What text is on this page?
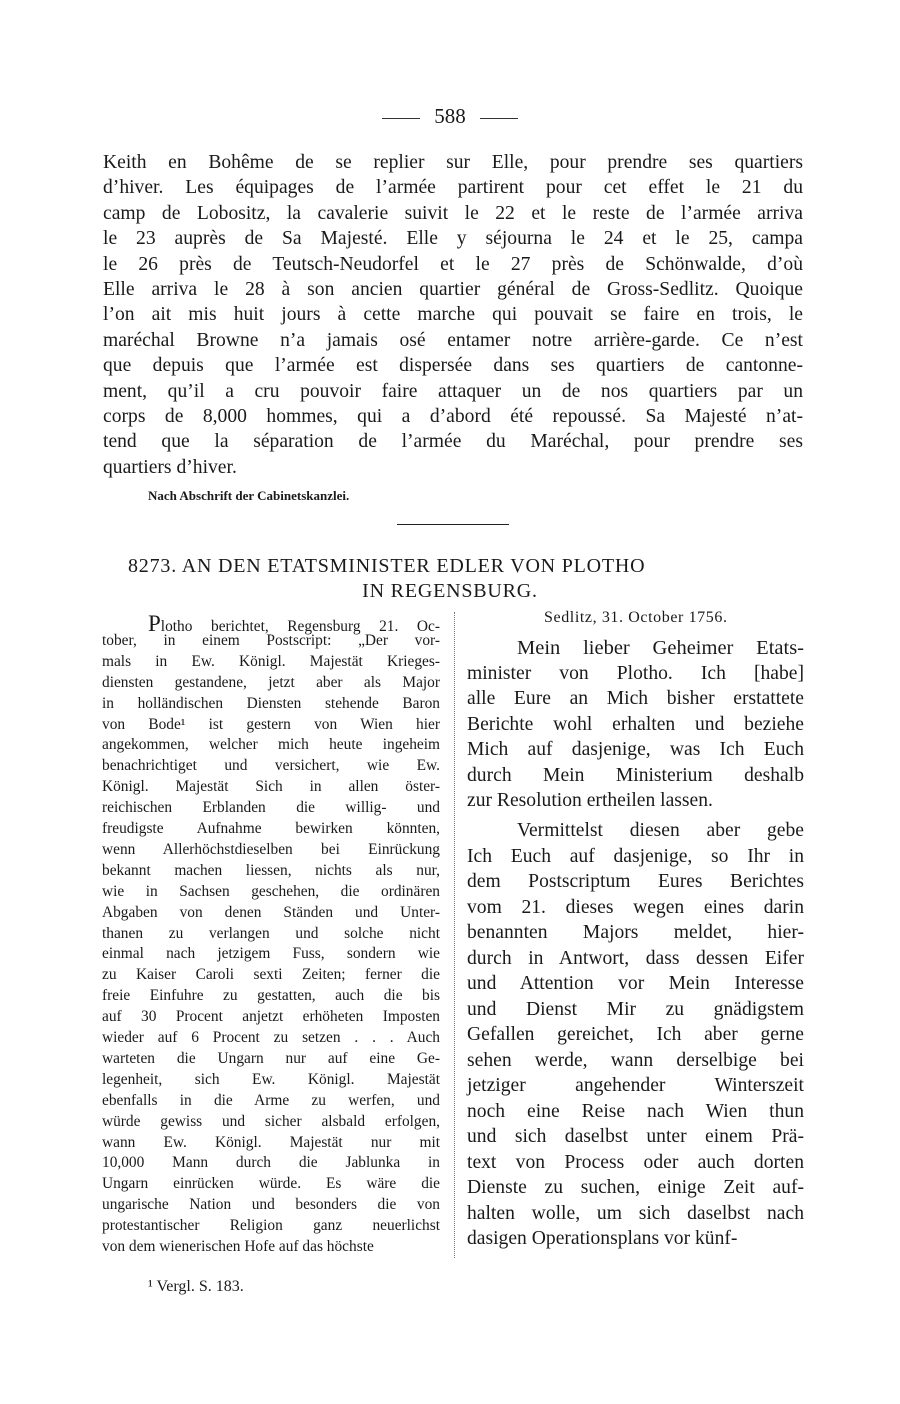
588
Keith en Bohême de se replier sur Elle, pour prendre ses quartiers
d’hiver. Les équipages de l’armée partirent pour cet effet le 21 du
camp de Lobositz, la cavalerie suivit le 22 et le reste de l’armée arriva
le 23 auprès de Sa Majesté. Elle y séjourna le 24 et le 25, campa
le 26 près de Teutsch-Neudorfel et le 27 près de Schönwalde, d’où
Elle arriva le 28 à son ancien quartier général de Gross-Sedlitz. Quoique
l’on ait mis huit jours à cette marche qui pouvait se faire en trois, le
maréchal Browne n’a jamais osé entamer notre arrière-garde. Ce n’est
que depuis que l’armée est dispersée dans ses quartiers de cantonne-
ment, qu’il a cru pouvoir faire attaquer un de nos quartiers par un
corps de 8,000 hommes, qui a d’abord été repoussé. Sa Majesté n’at-
tend que la séparation de l’armée du Maréchal, pour prendre ses
quartiers d’hiver.
Nach Abschrift der Cabinetskanzlei.
8273. AN DEN ETATSMINISTER EDLER VON PLOTHO
IN REGENSBURG.
Plotho berichtet, Regensburg 21. Oc-
tober, in einem Postscript: „Der vor-
mals in Ew. Königl. Majestät Krieges-
diensten gestandene, jetzt aber als Major
in holländischen Diensten stehende Baron
von Bode¹ ist gestern von Wien hier
angekommen, welcher mich heute ingeheim
benachrichtiget und versichert, wie Ew.
Königl. Majestät Sich in allen öster-
reichischen Erblanden die willig- und
freudigste Aufnahme bewirken könnten,
wenn Allerhöchstdieselben bei Einrückung
bekannt machen liessen, nichts als nur,
wie in Sachsen geschehen, die ordinären
Abgaben von denen Ständen und Unter-
thanen zu verlangen und solche nicht
einmal nach jetzigem Fuss, sondern wie
zu Kaiser Caroli sexti Zeiten; ferner die
freie Einfuhre zu gestatten, auch die bis
auf 30 Procent anjetzt erhöheten Imposten
wieder auf 6 Procent zu setzen . . . Auch
warteten die Ungarn nur auf eine Ge-
legenheit, sich Ew. Königl. Majestät
ebenfalls in die Arme zu werfen, und
würde gewiss und sicher alsbald erfolgen,
wann Ew. Königl. Majestät nur mit
10,000 Mann durch die Jablunka in
Ungarn einrücken würde. Es wäre die
ungarische Nation und besonders die von
protestantischer Religion ganz neuerlichst
von dem wienerischen Hofe auf das höchste
Sedlitz, 31. October 1756.
Mein lieber Geheimer Etats-
minister von Plotho. Ich [habe]
alle Eure an Mich bisher erstattete
Berichte wohl erhalten und beziehe
Mich auf dasjenige, was Ich Euch
durch Mein Ministerium deshalb
zur Resolution ertheilen lassen.
Vermittelst diesen aber gebe
Ich Euch auf dasjenige, so Ihr in
dem Postscriptum Eures Berichtes
vom 21. dieses wegen eines darin
benannten Majors meldet, hier-
durch in Antwort, dass dessen Eifer
und Attention vor Mein Interesse
und Dienst Mir zu gnädigstem
Gefallen gereichet, Ich aber gerne
sehen werde, wann derselbige bei
jetziger angehender Winterszeit
noch eine Reise nach Wien thun
und sich daselbst unter einem Prä-
text von Process oder auch dorten
Dienste zu suchen, einige Zeit auf-
halten wolle, um sich daselbst nach
dasigen Operationsplans vor künf-
¹ Vergl. S. 183.
